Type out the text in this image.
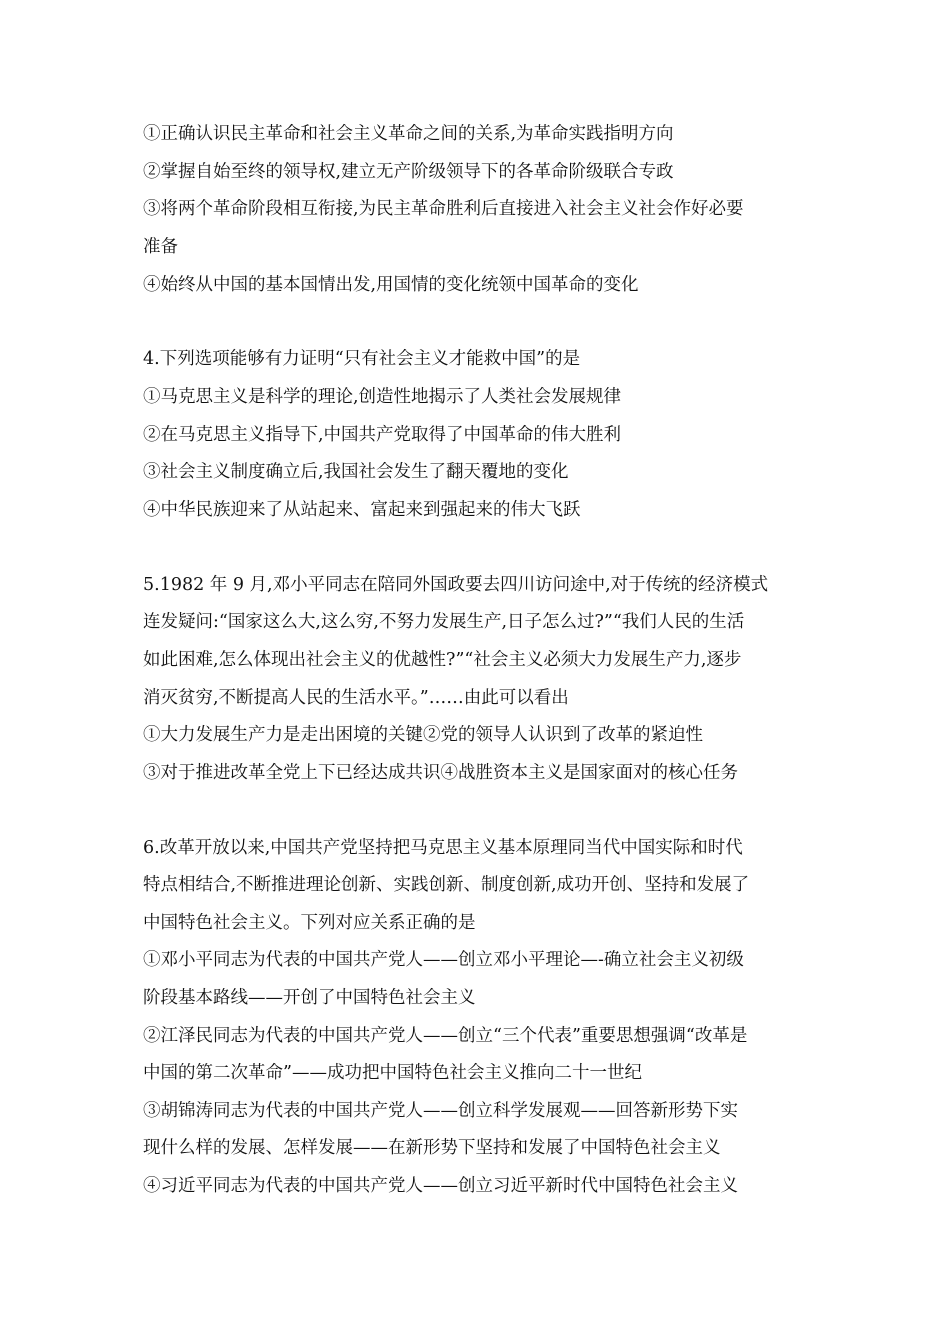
①正确认识民主革命和社会主义革命之间的关系,为革命实践指明方向
②掌握自始至终的领导权,建立无产阶级领导下的各革命阶级联合专政
③将两个革命阶段相互衔接,为民主革命胜利后直接进入社会主义社会作好必要
准备
④始终从中国的基本国情出发,用国情的变化统领中国革命的变化
4.下列选项能够有力证明“只有社会主义才能救中国”的是
①马克思主义是科学的理论,创造性地揭示了人类社会发展规律
②在马克思主义指导下,中国共产党取得了中国革命的伟大胜利
③社会主义制度确立后,我国社会发生了翻天覆地的变化
④中华民族迎来了从站起来、富起来到强起来的伟大飞跃
5.1982 年 9 月,邓小平同志在陪同外国政要去四川访问途中,对于传统的经济模式
连发疑问:“国家这么大,这么穷,不努力发展生产,日子怎么过?”“我们人民的生活
如此困难,怎么体现出社会主义的优越性?”“社会主义必须大力发展生产力,逐步
消灭贫穷,不断提高人民的生活水平。”……由此可以看出
①大力发展生产力是走出困境的关键②党的领导人认识到了改革的紧迫性
③对于推进改革全党上下已经达成共识④战胜资本主义是国家面对的核心任务
6.改革开放以来,中国共产党坚持把马克思主义基本原理同当代中国实际和时代
特点相结合,不断推进理论创新、实践创新、制度创新,成功开创、坚持和发展了
中国特色社会主义。下列对应关系正确的是
①邓小平同志为代表的中国共产党人——创立邓小平理论—-确立社会主义初级
阶段基本路线——开创了中国特色社会主义
②江泽民同志为代表的中国共产党人——创立“三个代表”重要思想强调“改革是
中国的第二次革命”——成功把中国特色社会主义推向二十一世纪
③胡锦涛同志为代表的中国共产党人——创立科学发展观——回答新形势下实
现什么样的发展、怎样发展——在新形势下坚持和发展了中国特色社会主义
④习近平同志为代表的中国共产党人——创立习近平新时代中国特色社会主义
